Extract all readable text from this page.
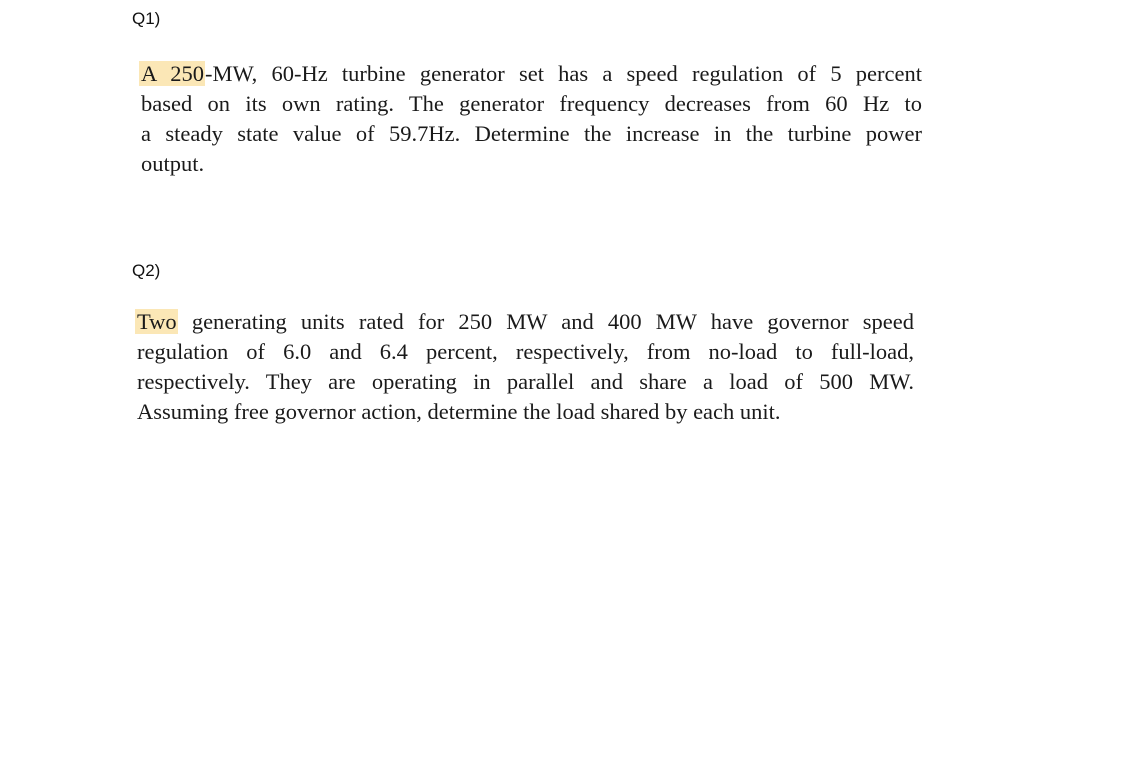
Q1)

A 250-MW, 60-Hz turbine generator set has a speed regulation of 5 percent
based on its own rating. The generator frequency decreases from 60 Hz to
a steady state value of 59.7Hz. Determine the increase in the turbine power
output.

Q2)

Two generating units rated for 250 MW and 400 MW have governor speed
regulation of 6.0 and 6.4 percent, respectively, from no-load to full-load,
respectively. They are operating in parallel and share a load of 500 MW.
Assuming free governor action, determine the load shared by each unit.
